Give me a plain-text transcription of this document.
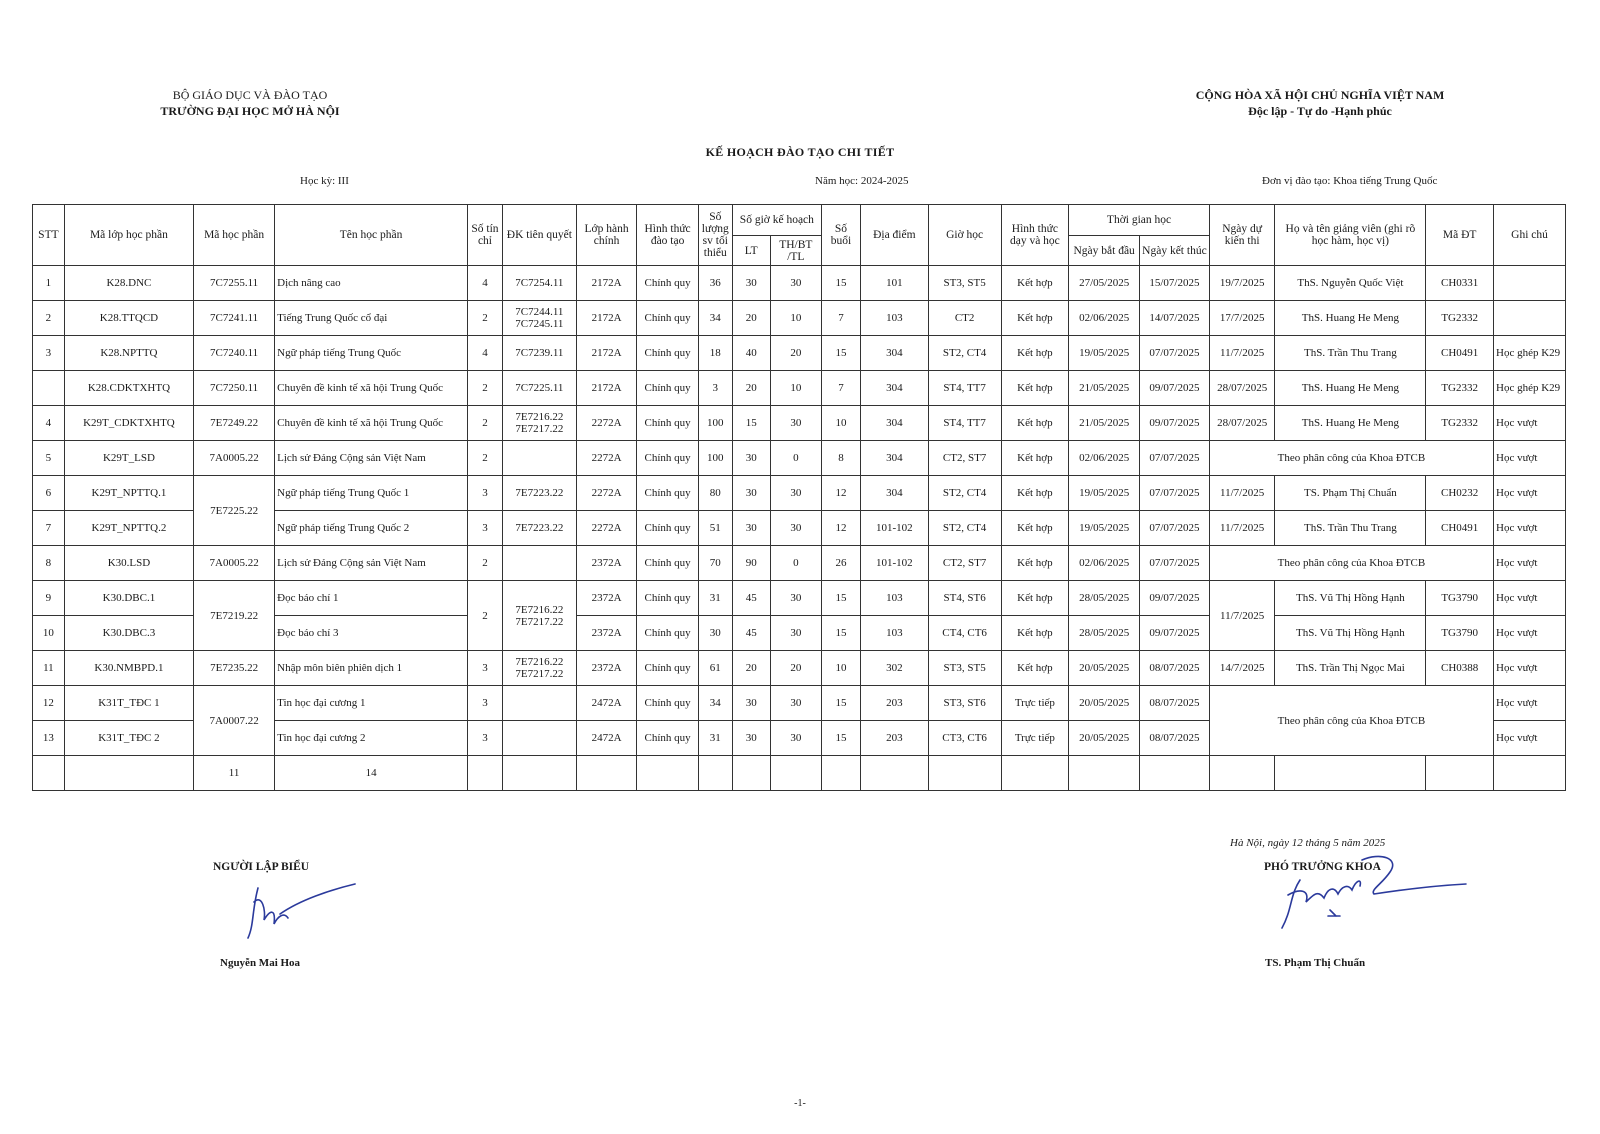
BỘ GIÁO DỤC VÀ ĐÀO TẠO
TRƯỜNG ĐẠI HỌC MỞ HÀ NỘI
CỘNG HÒA XÃ HỘI CHỦ NGHĨA VIỆT NAM
Độc lập - Tự do -Hạnh phúc
KẾ HOẠCH ĐÀO TẠO CHI TIẾT
Học kỳ: III	Năm học: 2024-2025	Đơn vị đào tạo: Khoa tiếng Trung Quốc
STT	Mã lớp học phần	Mã học phần	Tên học phần	Số tín chỉ	ĐK tiên quyết	Lớp hành chính	Hình thức đào tạo	Số lượng sv tối thiểu	Số giờ kế hoạch		Số buổi	Địa điểm	Giờ học	Hình thức dạy và học	Thời gian học		Ngày dự kiến thi	Họ và tên giảng viên (ghi rõ học hàm, học vị)	Mã ĐT	Ghi chú
									LT	TH/BT /TL					Ngày bắt đầu	Ngày kết thúc				
1	K28.DNC	7C7255.11	Dịch nâng cao	4	7C7254.11	2172A	Chính quy	36	30	30	15	101	ST3, ST5	Kết hợp	27/05/2025	15/07/2025	19/7/2025	ThS. Nguyễn Quốc Việt	CH0331	
2	K28.TTQCD	7C7241.11	Tiếng Trung Quốc cổ đại	2	7C7244.11 7C7245.11	2172A	Chính quy	34	20	10	7	103	CT2	Kết hợp	02/06/2025	14/07/2025	17/7/2025	ThS. Huang He Meng	TG2332	
3	K28.NPTTQ	7C7240.11	Ngữ pháp tiếng Trung Quốc	4	7C7239.11	2172A	Chính quy	18	40	20	15	304	ST2, CT4	Kết hợp	19/05/2025	07/07/2025	11/7/2025	ThS. Trần Thu Trang	CH0491	Học ghép K29
	K28.CDKTXHTQ	7C7250.11	Chuyên đề kinh tế xã hội Trung Quốc	2	7C7225.11	2172A	Chính quy	3	20	10	7	304	ST4, TT7	Kết hợp	21/05/2025	09/07/2025	28/07/2025	ThS. Huang He Meng	TG2332	Học ghép K29
4	K29T_CDKTXHTQ	7E7249.22	Chuyên đề kinh tế xã hội Trung Quốc	2	7E7216.22 7E7217.22	2272A	Chính quy	100	15	30	10	304	ST4, TT7	Kết hợp	21/05/2025	09/07/2025	28/07/2025	ThS. Huang He Meng	TG2332	Học vượt
5	K29T_LSD	7A0005.22	Lịch sử Đảng Cộng sản Việt Nam	2		2272A	Chính quy	100	30	0	8	304	CT2, ST7	Kết hợp	02/06/2025	07/07/2025	Theo phân công của Khoa ĐTCB			Học vượt
6	K29T_NPTTQ.1	7E7225.22	Ngữ pháp tiếng Trung Quốc 1	3	7E7223.22	2272A	Chính quy	80	30	30	12	304	ST2, CT4	Kết hợp	19/05/2025	07/07/2025	11/7/2025	TS. Phạm Thị Chuẩn	CH0232	Học vượt
7	K29T_NPTTQ.2		Ngữ pháp tiếng Trung Quốc 2	3	7E7223.22	2272A	Chính quy	51	30	30	12	101-102	ST2, CT4	Kết hợp	19/05/2025	07/07/2025	11/7/2025	ThS. Trần Thu Trang	CH0491	Học vượt
8	K30.LSD	7A0005.22	Lịch sử Đảng Cộng sản Việt Nam	2		2372A	Chính quy	70	90	0	26	101-102	CT2, ST7	Kết hợp	02/06/2025	07/07/2025	Theo phân công của Khoa ĐTCB			Học vượt
9	K30.DBC.1	7E7219.22	Đọc báo chí 1	2	7E7216.22 7E7217.22	2372A	Chính quy	31	45	30	15	103	ST4, ST6	Kết hợp	28/05/2025	09/07/2025	11/7/2025	ThS. Vũ Thị Hồng Hạnh	TG3790	Học vượt
10	K30.DBC.3		Đọc báo chí 3			2372A	Chính quy	30	45	30	15	103	CT4, CT6	Kết hợp	28/05/2025	09/07/2025		ThS. Vũ Thị Hồng Hạnh	TG3790	Học vượt
11	K30.NMBPD.1	7E7235.22	Nhập môn biên phiên dịch 1	3	7E7216.22 7E7217.22	2372A	Chính quy	61	20	20	10	302	ST3, ST5	Kết hợp	20/05/2025	08/07/2025	14/7/2025	ThS. Trần Thị Ngọc Mai	CH0388	Học vượt
12	K31T_TĐC 1	7A0007.22	Tin học đại cương 1	3		2472A	Chính quy	34	30	30	15	203	ST3, ST6	Trực tiếp	20/05/2025	08/07/2025	Theo phân công của Khoa ĐTCB			Học vượt
13	K31T_TĐC 2		Tin học đại cương 2	3		2472A	Chính quy	31	30	30	15	203	CT3, CT6	Trực tiếp	20/05/2025	08/07/2025				Học vượt
		11	14																	
Hà Nội, ngày 12 tháng 5 năm 2025
NGƯỜI LẬP BIỂU
Nguyễn Mai Hoa
PHÓ TRƯỞNG KHOA
TS. Phạm Thị Chuẩn
-1-
